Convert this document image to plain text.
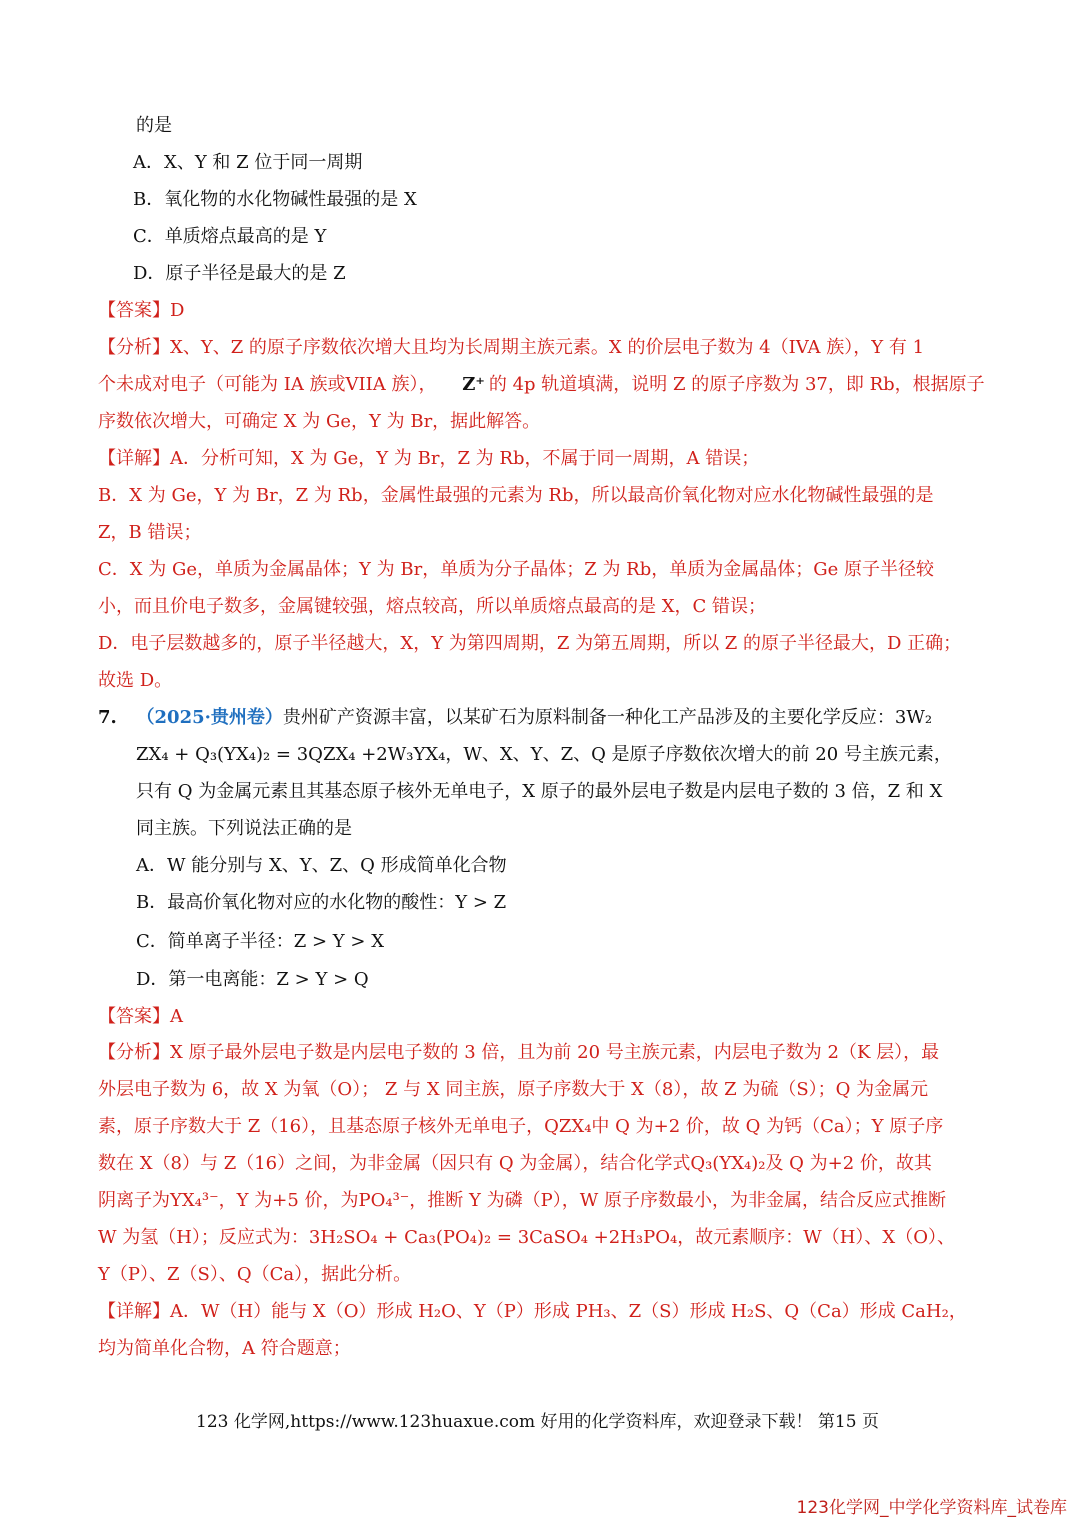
的是
A．X、Y 和 Z 位于同一周期
B．氧化物的水化物碱性最强的是 X
C．单质熔点最高的是 Y
D．原子半径是最大的是 Z
【答案】D
【分析】X、Y、Z 的原子序数依次增大且均为长周期主族元素。X 的价层电子数为 4（IVA 族），Y 有 1
个未成对电子（可能为 IA 族或VIIA 族）， Z⁺ 的 4p 轨道填满，说明 Z 的原子序数为 37，即 Rb，根据原子
序数依次增大，可确定 X 为 Ge，Y 为 Br，据此解答。
【详解】A．分析可知，X 为 Ge，Y 为 Br，Z 为 Rb，不属于同一周期，A 错误；
B．X 为 Ge，Y 为 Br，Z 为 Rb，金属性最强的元素为 Rb，所以最高价氧化物对应水化物碱性最强的是
Z，B 错误；
C．X 为 Ge，单质为金属晶体；Y 为 Br，单质为分子晶体；Z 为 Rb，单质为金属晶体；Ge 原子半径较
小，而且价电子数多，金属键较强，熔点较高，所以单质熔点最高的是 X，C 错误；
D．电子层数越多的，原子半径越大，X，Y 为第四周期，Z 为第五周期，所以 Z 的原子半径最大，D 正确；
故选 D。
7. （2025·贵州卷）贵州矿产资源丰富，以某矿石为原料制备一种化工产品涉及的主要化学反应：3W₂
ZX₄ + Q₃(YX₄)₂ = 3QZX₄ +2W₃YX₄，W、X、Y、Z、Q 是原子序数依次增大的前 20 号主族元素，
只有 Q 为金属元素且其基态原子核外无单电子，X 原子的最外层电子数是内层电子数的 3 倍，Z 和 X
同主族。下列说法正确的是
A．W 能分别与 X、Y、Z、Q 形成简单化合物
B．最高价氧化物对应的水化物的酸性：Y > Z
C．简单离子半径：Z > Y > X
D．第一电离能：Z > Y > Q
【答案】A
【分析】X 原子最外层电子数是内层电子数的 3 倍，且为前 20 号主族元素，内层电子数为 2（K 层），最
外层电子数为 6，故 X 为氧（O）； Z 与 X 同主族，原子序数大于 X（8），故 Z 为硫（S）；Q 为金属元
素，原子序数大于 Z（16），且基态原子核外无单电子，QZX₄中 Q 为+2 价，故 Q 为钙（Ca）；Y 原子序
数在 X（8）与 Z（16）之间，为非金属（因只有 Q 为金属），结合化学式Q₃(YX₄)₂及 Q 为+2 价，故其
阴离子为YX₄³⁻，Y 为+5 价，为PO₄³⁻，推断 Y 为磷（P），W 原子序数最小，为非金属，结合反应式推断
W 为氢（H）；反应式为：3H₂SO₄ + Ca₃(PO₄)₂ = 3CaSO₄ +2H₃PO₄，故元素顺序：W（H）、X（O）、
Y（P）、Z（S）、Q（Ca），据此分析。
【详解】A．W（H）能与 X（O）形成 H₂O、Y（P）形成 PH₃、Z（S）形成 H₂S、Q（Ca）形成 CaH₂，
均为简单化合物，A 符合题意；
123 化学网,https://www.123huaxue.com 好用的化学资料库，欢迎登录下载！ 第15 页
123化学网_中学化学资料库_试卷库
